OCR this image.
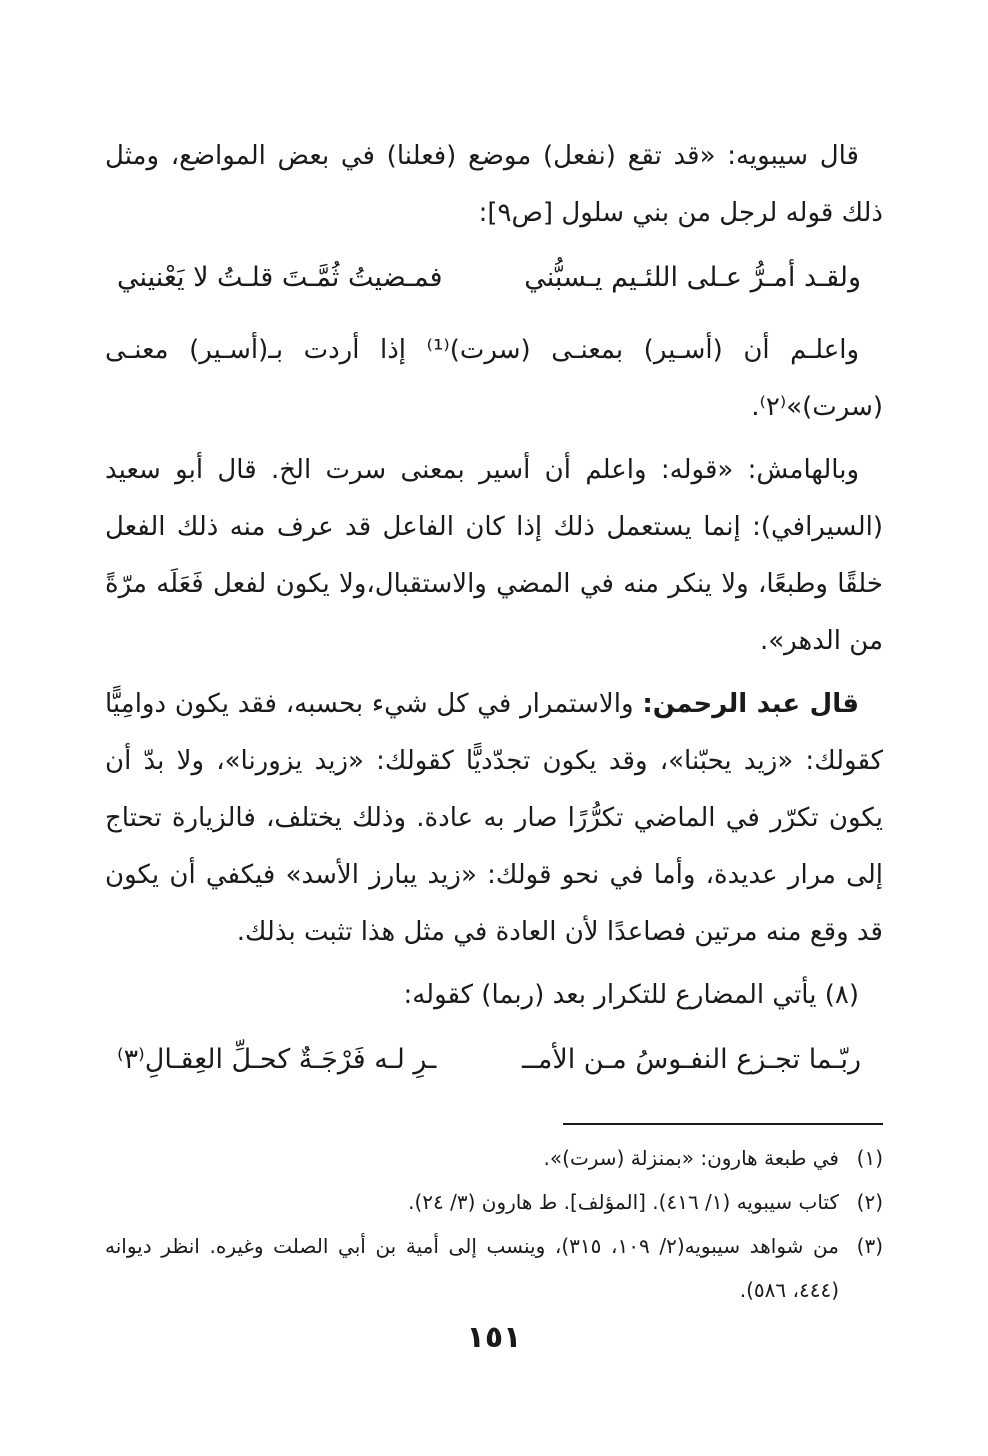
قال سيبويه: «قد تقع (نفعل) موضع (فعلنا) في بعض المواضع، ومثل ذلك قوله لرجل من بني سلول [ص٩]:

ولقـد أمـرُّ عـلى اللئـيم يـسبُّني
فمـضيتُ ثُمَّـتَ قلـتُ لا يَعْنيني

واعلـم أن (أسـير) بمعنـى (سرت)⁽¹⁾ إذا أردت بـ(أسـير) معنـى (سرت)»⁽٢⁾.

وبالهامش: «قوله: واعلم أن أسير بمعنى سرت الخ. قال أبو سعيد (السيرافي): إنما يستعمل ذلك إذا كان الفاعل قد عرف منه ذلك الفعل خلقًا وطبعًا، ولا ينكر منه في المضي والاستقبال،ولا يكون لفعل فَعَلَه مرّةً من الدهر».

قال عبد الرحمن: والاستمرار في كل شيء بحسبه، فقد يكون دوامِيًّا كقولك: «زيد يحبّنا»، وقد يكون تجدّديًّا كقولك: «زيد يزورنا»، ولا بدّ أن يكون تكرّر في الماضي تكرُّرًا صار به عادة. وذلك يختلف، فالزيارة تحتاج إلى مرار عديدة، وأما في نحو قولك: «زيد يبارز الأسد» فيكفي أن يكون قد وقع منه مرتين فصاعدًا لأن العادة في مثل هذا تثبت بذلك.

(٨) يأتي المضارع للتكرار بعد (ربما) كقوله:

ربّـما تجـزع النفـوسُ مـن الأمــ
ـرِ لـه فَرْجَـةٌ كحـلِّ العِقـالِ⁽٣⁾
(١)
في طبعة هارون: «بمنزلة (سرت)».
(٢)
كتاب سيبويه (١/ ٤١٦). [المؤلف]. ط هارون (٣/ ٢٤).
(٣)
من شواهد سيبويه(٢/ ١٠٩، ٣١٥)، وينسب إلى أمية بن أبي الصلت وغيره. انظر ديوانه (٤٤٤، ٥٨٦).
١٥١
